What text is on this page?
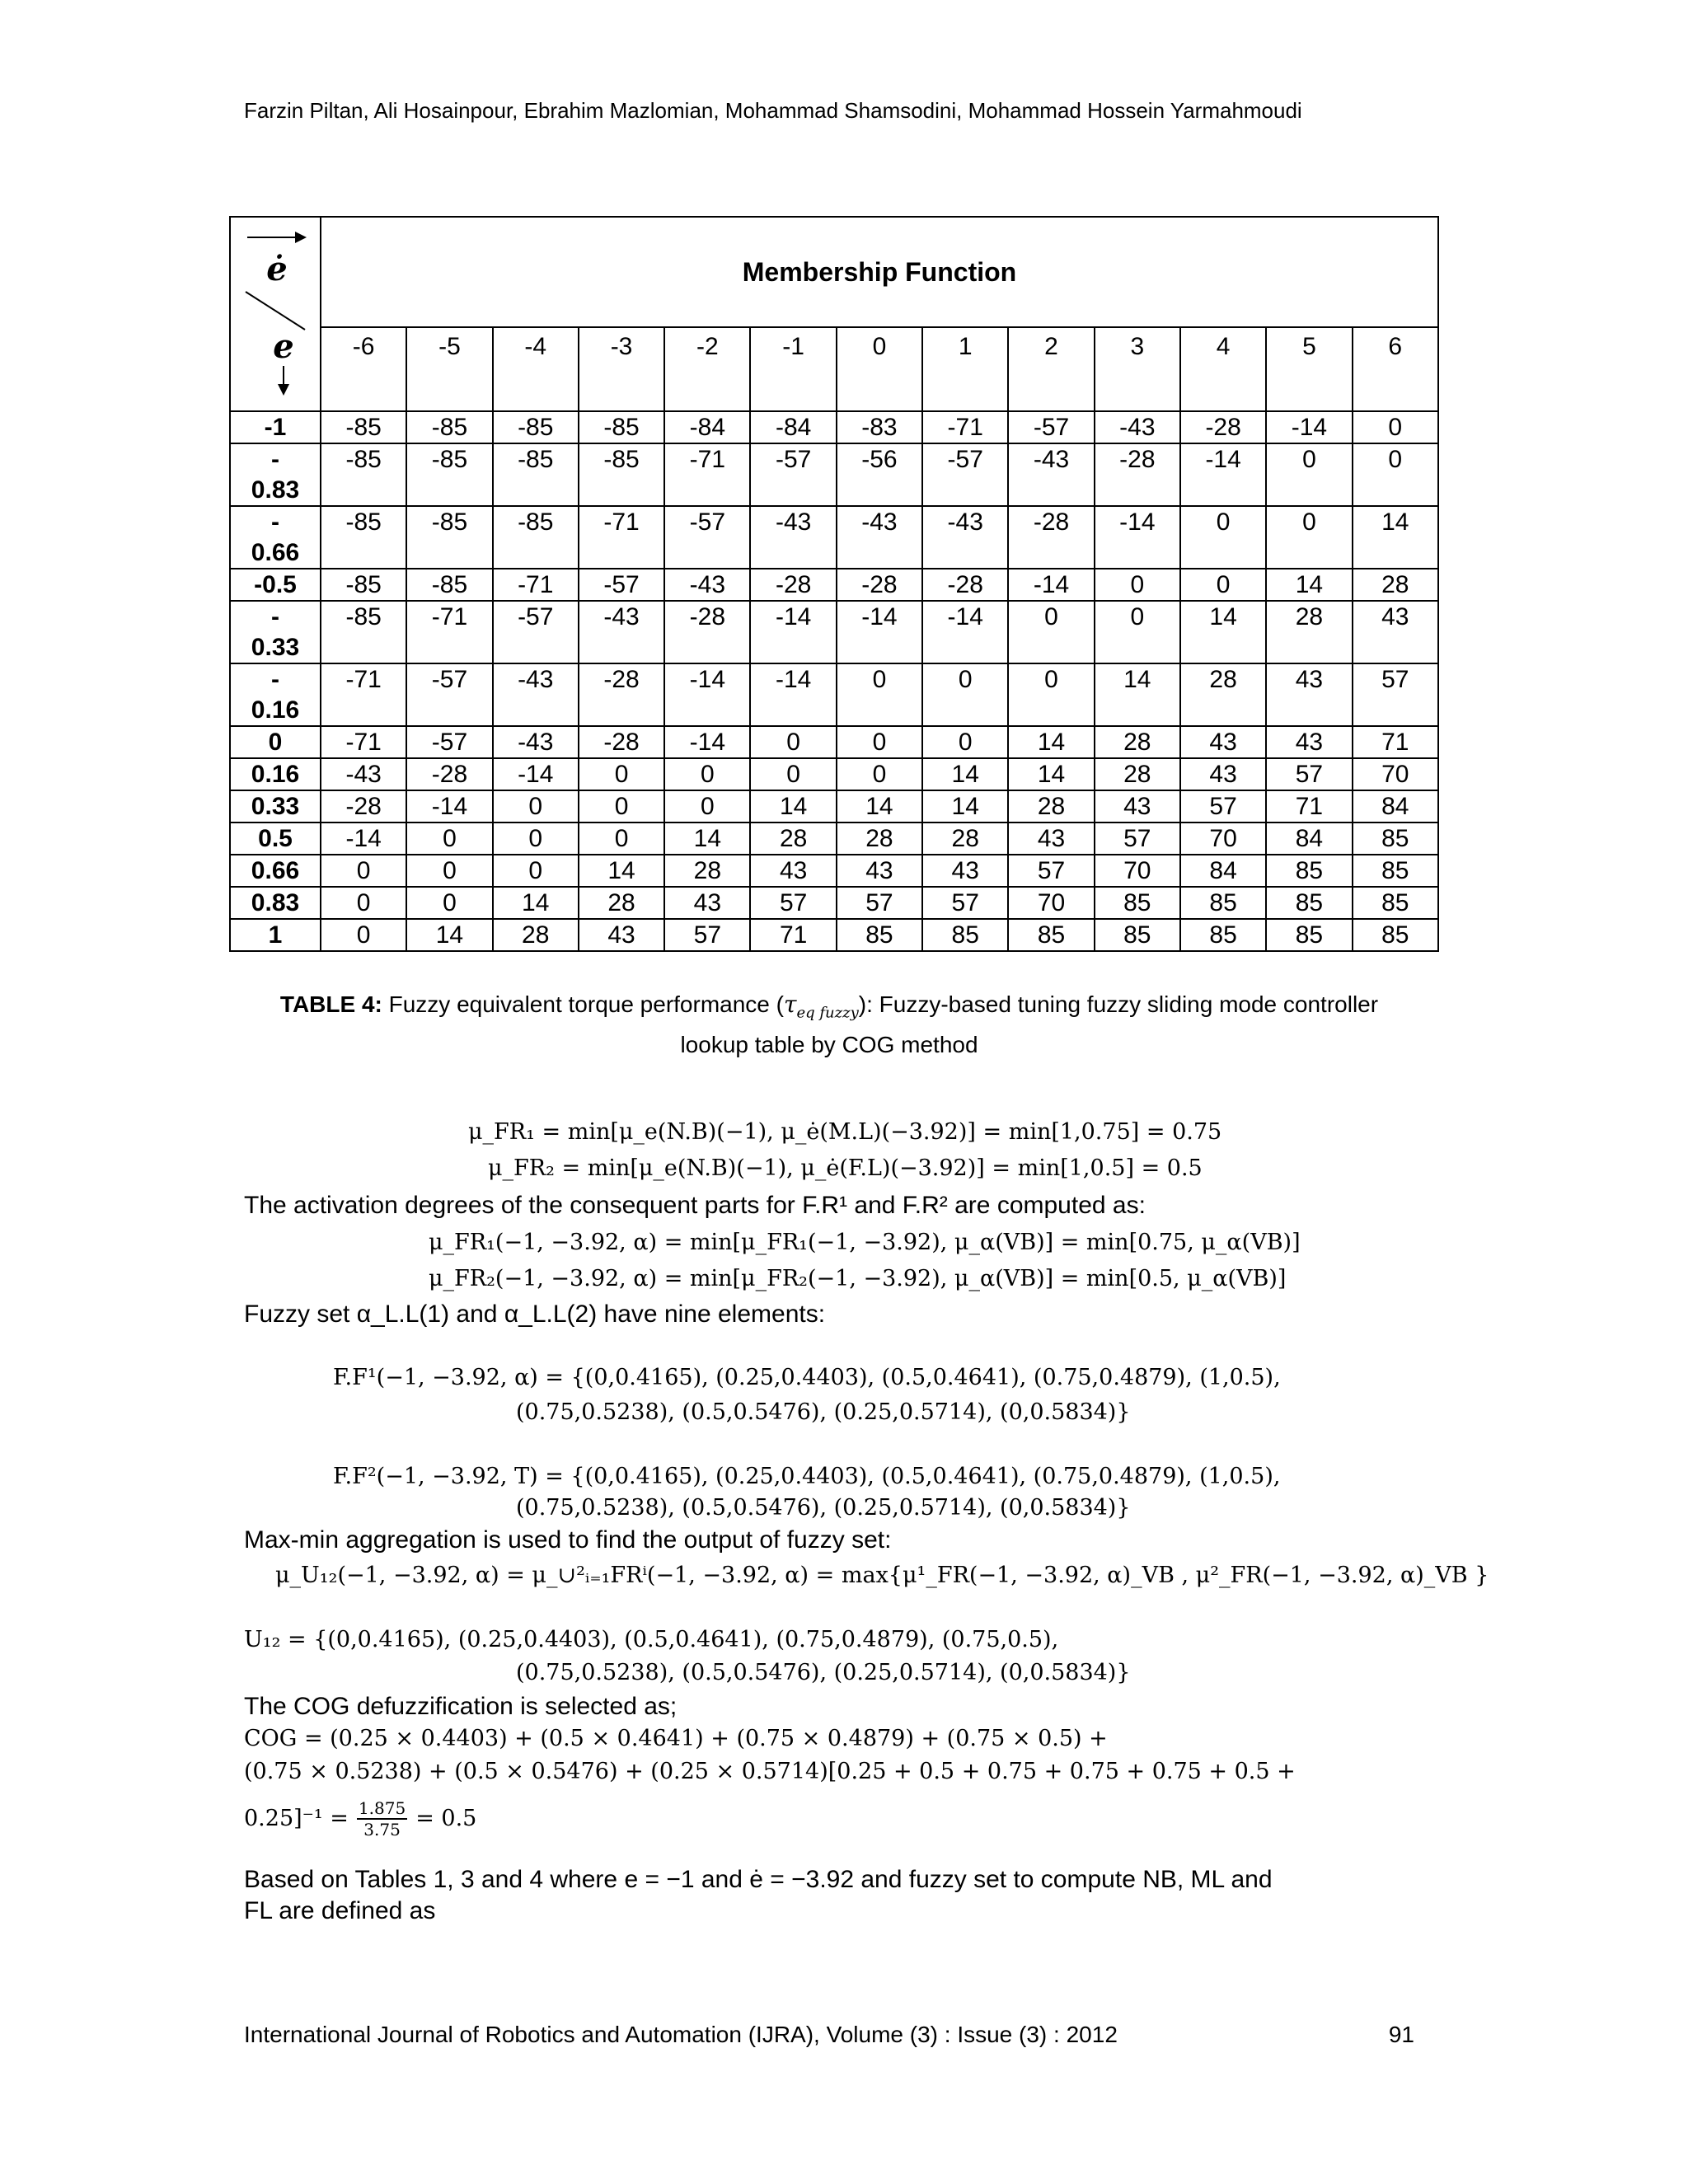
Farzin Piltan, Ali Hosainpour, Ebrahim Mazlomian, Mohammad Shamsodini, Mohammad Hossein Yarmahmoudi
ė
e	Membership Function												
	-6	-5	-4	-3	-2	-1	0	1	2	3	4	5	6
-1	-85	-85	-85	-85	-84	-84	-83	-71	-57	-43	-28	-14	0
-
0.83	-85	-85	-85	-85	-71	-57	-56	-57	-43	-28	-14	0	0
-
0.66	-85	-85	-85	-71	-57	-43	-43	-43	-28	-14	0	0	14
-0.5	-85	-85	-71	-57	-43	-28	-28	-28	-14	0	0	14	28
-
0.33	-85	-71	-57	-43	-28	-14	-14	-14	0	0	14	28	43
-
0.16	-71	-57	-43	-28	-14	-14	0	0	0	14	28	43	57
0	-71	-57	-43	-28	-14	0	0	0	14	28	43	43	71
0.16	-43	-28	-14	0	0	0	0	14	14	28	43	57	70
0.33	-28	-14	0	0	0	14	14	14	28	43	57	71	84
0.5	-14	0	0	0	14	28	28	28	43	57	70	84	85
0.66	0	0	0	14	28	43	43	43	57	70	84	85	85
0.83	0	0	14	28	43	57	57	57	70	85	85	85	85
1	0	14	28	43	57	71	85	85	85	85	85	85	85
TABLE 4: Fuzzy equivalent torque performance $(\tau_{eq fuzzy})$: Fuzzy-based tuning fuzzy sliding mode controller lookup table by COG method
μ_FR₁ = min[μ_e(N.B)(−1), μ_ė(M.L)(−3.92)] = min[1,0.75] = 0.75
μ_FR₂ = min[μ_e(N.B)(−1), μ_ė(F.L)(−3.92)] = min[1,0.5] = 0.5
The activation degrees of the consequent parts for F.R¹ and F.R² are computed as:
μ_FR₁(−1, −3.92, α) = min[μ_FR₁(−1, −3.92), μ_α(VB)] = min[0.75, μ_α(VB)]
μ_FR₂(−1, −3.92, α) = min[μ_FR₂(−1, −3.92), μ_α(VB)] = min[0.5, μ_α(VB)]
Fuzzy set α_L.L(1) and α_L.L(2) have nine elements:
F.F¹(−1, −3.92, α) = {(0,0.4165), (0.25,0.4403), (0.5,0.4641), (0.75,0.4879), (1,0.5),
(0.75,0.5238), (0.5,0.5476), (0.25,0.5714), (0,0.5834)}
F.F²(−1, −3.92, T) = {(0,0.4165), (0.25,0.4403), (0.5,0.4641), (0.75,0.4879), (1,0.5),
(0.75,0.5238), (0.5,0.5476), (0.25,0.5714), (0,0.5834)}
Max-min aggregation is used to find the output of fuzzy set:
μ_U₁₂(−1, −3.92, α) = μ_∪²ᵢ₌₁FRⁱ(−1, −3.92, α) = max{μ¹_FR(−1, −3.92, α)_VB , μ²_FR(−1, −3.92, α)_VB }
U₁₂ = {(0,0.4165), (0.25,0.4403), (0.5,0.4641), (0.75,0.4879), (0.75,0.5),
(0.75,0.5238), (0.5,0.5476), (0.25,0.5714), (0,0.5834)}
The COG defuzzification is selected as;
COG = (0.25 × 0.4403) + (0.5 × 0.4641) + (0.75 × 0.4879) + (0.75 × 0.5) +
(0.75 × 0.5238) + (0.5 × 0.5476) + (0.25 × 0.5714)[0.25 + 0.5 + 0.75 + 0.75 + 0.75 + 0.5 +
$0.25]^{-1} = \frac{1.875}{3.75} = 0.5$
Based on Tables 1, 3 and 4 where e = −1 and ė = −3.92 and fuzzy set to compute NB, ML and
FL are defined as
International Journal of Robotics and Automation (IJRA), Volume (3) : Issue (3) : 2012	91
